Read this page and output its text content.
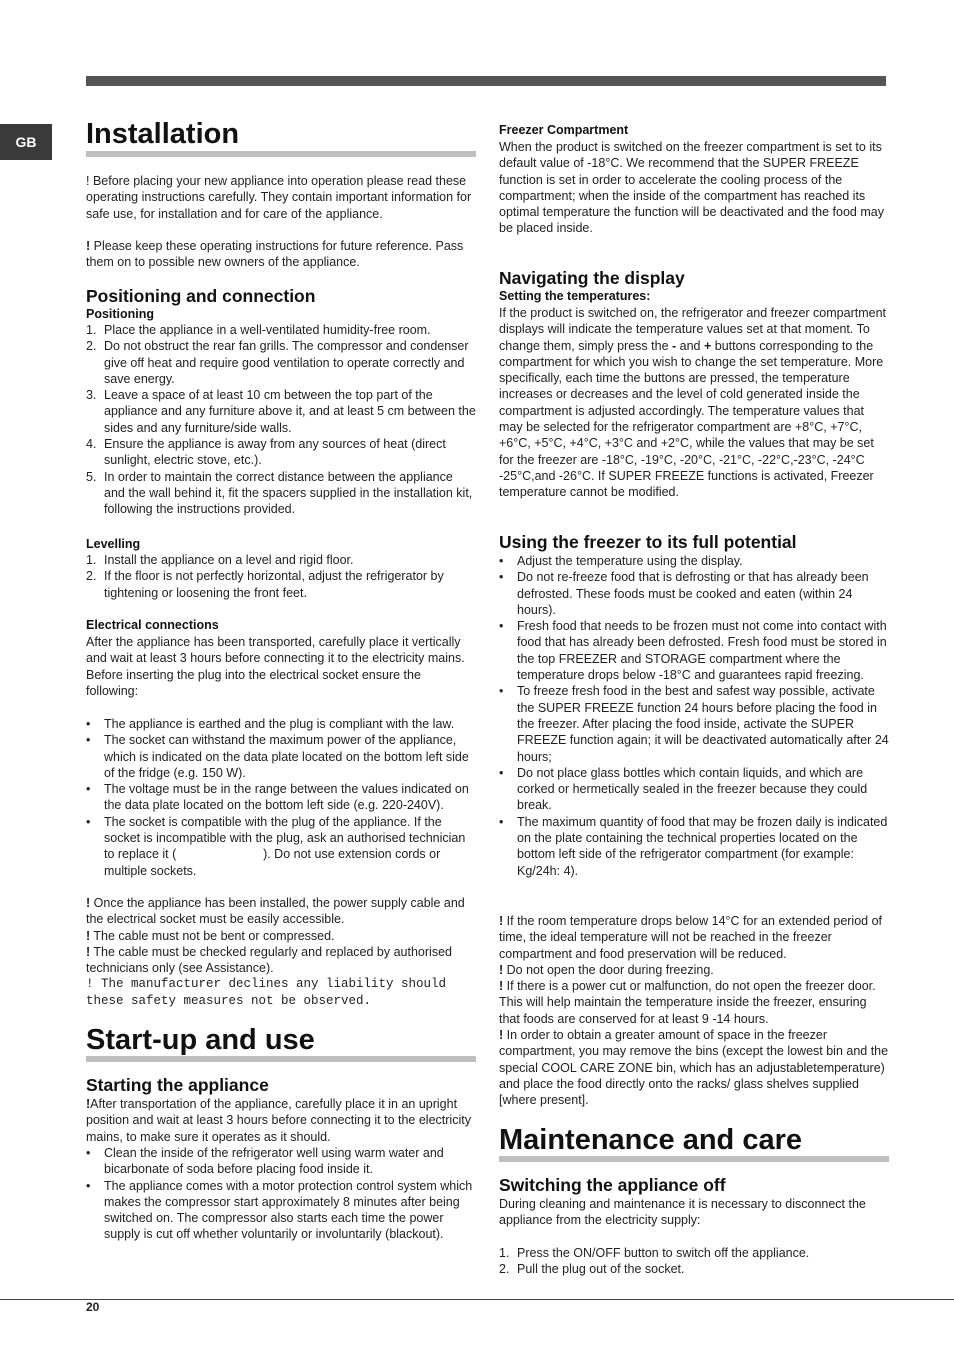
GB	Installation

! Before placing your new appliance into operation please read these operating instructions carefully. They contain important information for safe use, for installation and for care of the appliance.

! Please keep these operating instructions for future reference. Pass them on to possible new owners of the appliance.

Positioning and connection
Positioning
1. Place the appliance in a well-ventilated humidity-free room.
2. Do not obstruct the rear fan grills. The compressor and condenser give off heat and require good ventilation to operate correctly and save energy.
3. Leave a space of at least 10 cm between the top part of the appliance and any furniture above it, and at least 5 cm between the sides and any furniture/side walls.
4. Ensure the appliance is away from any sources of heat (direct sunlight, electric stove, etc.).
5. In order to maintain the correct distance between the appliance and the wall behind it, fit the spacers supplied in the installation kit, following the instructions provided.
Levelling
1. Install the appliance on a level and rigid floor.
2. If the floor is not perfectly horizontal, adjust the refrigerator by tightening or loosening the front feet.
Electrical connections

After the appliance has been transported, carefully place it vertically and wait at least 3 hours before connecting it to the electricity mains. Before inserting the plug into the electrical socket ensure the following:

• The appliance is earthed and the plug is compliant with the law.
• The socket can withstand the maximum power of the appliance, which is indicated on the data plate located on the bottom left side of the fridge (e.g. 150 W).
• The voltage must be in the range between the values indicated on the data plate located on the bottom left side (e.g. 220-240V).
• The socket is compatible with the plug of the appliance. If the socket is incompatible with the plug, ask an authorised technician to replace it (                         ). Do not use extension cords or multiple sockets.
! Once the appliance has been installed, the power supply cable and the electrical socket must be easily accessible.
! The cable must not be bent or compressed.
! The cable must be checked regularly and replaced by authorised technicians only (see Assistance).
! The manufacturer declines any liability should these safety measures not be observed.
Start-up and use
Starting the appliance

!After transportation of the appliance, carefully place it in an upright position and wait at least 3 hours before connecting it to the electricity mains, to make sure it operates as it should.

• Clean the inside of the refrigerator well using warm water and bicarbonate of soda before placing food inside it.
• The appliance comes with a motor protection control system which makes the compressor start approximately 8 minutes after being switched on. The compressor also starts each time the power supply is cut off whether voluntarily or involuntarily (blackout).
Freezer Compartment

When the product is switched on the freezer compartment is set to its default value of -18°C. We recommend that the SUPER FREEZE function is set in order to accelerate the cooling process of the compartment; when the inside of the compartment has reached its optimal temperature the function will be deactivated and the food may be placed inside.

Navigating the display
Setting the temperatures:

If the product is switched on, the refrigerator and freezer compartment displays will indicate the temperature values set at that moment. To change them, simply press the - and + buttons corresponding to the compartment for which you wish to change the set temperature. More specifically, each time the buttons are pressed, the temperature increases or decreases and the level of cold generated inside the compartment is adjusted accordingly. The temperature values that may be selected for the refrigerator compartment are +8°C, +7°C, +6°C, +5°C, +4°C, +3°C and +2°C, while the values that may be set for the freezer are -18°C, -19°C, -20°C, -21°C, -22°C,-23°C, -24°C -25°C,and -26°C. If SUPER FREEZE functions is activated, Freezer temperature cannot be modified.

Using the freezer to its full potential
• Adjust the temperature using the display.
• Do not re-freeze food that is defrosting or that has already been defrosted. These foods must be cooked and eaten (within 24 hours).
• Fresh food that needs to be frozen must not come into contact with food that has already been defrosted. Fresh food must be stored in the top FREEZER and STORAGE compartment where the temperature drops below -18°C and guarantees rapid freezing.
• To freeze fresh food in the best and safest way possible, activate the SUPER FREEZE function 24 hours before placing the food in the freezer. After placing the food inside, activate the SUPER FREEZE function again; it will be deactivated automatically after 24 hours;
• Do not place glass bottles which contain liquids, and which are corked or hermetically sealed in the freezer because they could break.
• The maximum quantity of food that may be frozen daily is indicated on the plate containing the technical properties located on the bottom left side of the refrigerator compartment (for example: Kg/24h: 4).
! If the room temperature drops below 14°C for an extended period of time, the ideal temperature will not be reached in the freezer compartment and food preservation will be reduced.
! Do not open the door during freezing.
! If there is a power cut or malfunction, do not open the freezer door. This will help maintain the temperature inside the freezer, ensuring that foods are conserved for at least 9 -14 hours.
! In order to obtain a greater amount of space in the freezer compartment, you may remove the bins (except the lowest bin and the special COOL CARE ZONE bin, which has an adjustabletemperature) and place the food directly onto the racks/ glass shelves supplied [where present].
Maintenance and care
Switching the appliance off

During cleaning and maintenance it is necessary to disconnect the appliance from the electricity supply:

1. Press the ON/OFF button to switch off the appliance.
2. Pull the plug out of the socket.
20
